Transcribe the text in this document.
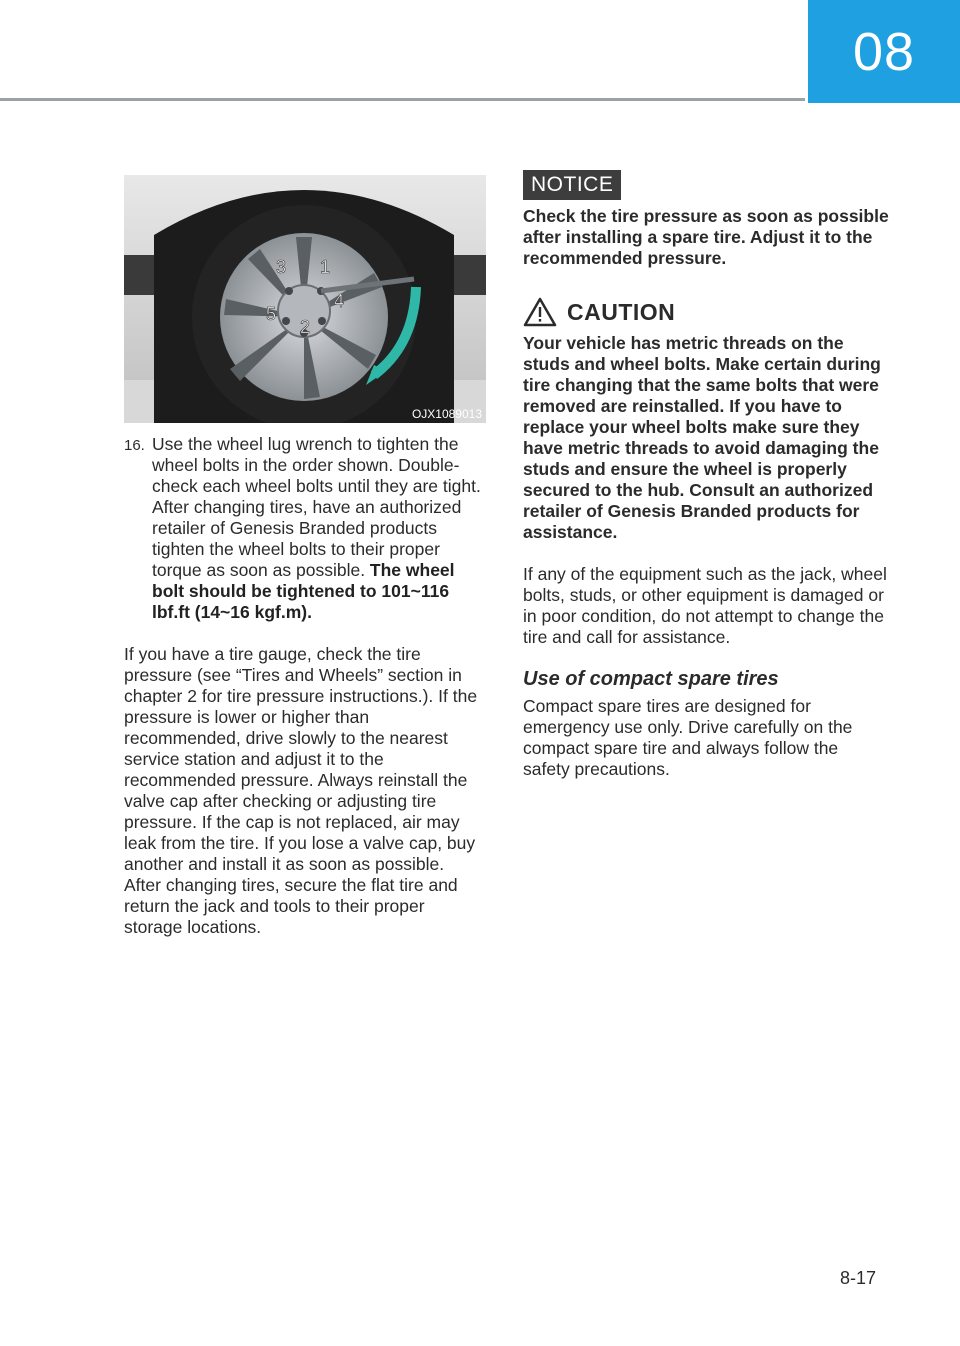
08
1
2
3
4
5
OJX1089013
16. Use the wheel lug wrench to tighten the wheel bolts in the order shown. Double-check each wheel bolts until they are tight. After changing tires, have an authorized retailer of Genesis Branded products tighten the wheel bolts to their proper torque as soon as possible. The wheel bolt should be tightened to 101~116 lbf.ft (14~16 kgf.m).
If you have a tire gauge, check the tire pressure (see “Tires and Wheels” section in chapter 2 for tire pressure instructions.). If the pressure is lower or higher than recommended, drive slowly to the nearest service station and adjust it to the recommended pressure. Always reinstall the valve cap after checking or adjusting tire pressure. If the cap is not replaced, air may leak from the tire. If you lose a valve cap, buy another and install it as soon as possible. After changing tires, secure the flat tire and return the jack and tools to their proper storage locations.
NOTICE
Check the tire pressure as soon as possible after installing a spare tire. Adjust it to the recommended pressure.
CAUTION
Your vehicle has metric threads on the studs and wheel bolts. Make certain during tire changing that the same bolts that were removed are reinstalled. If you have to replace your wheel bolts make sure they have metric threads to avoid damaging the studs and ensure the wheel is properly secured to the hub. Consult an authorized retailer of Genesis Branded products for assistance.
If any of the equipment such as the jack, wheel bolts, studs, or other equipment is damaged or in poor condition, do not attempt to change the tire and call for assistance.
Use of compact spare tires
Compact spare tires are designed for emergency use only. Drive carefully on the compact spare tire and always follow the safety precautions.
8-17
